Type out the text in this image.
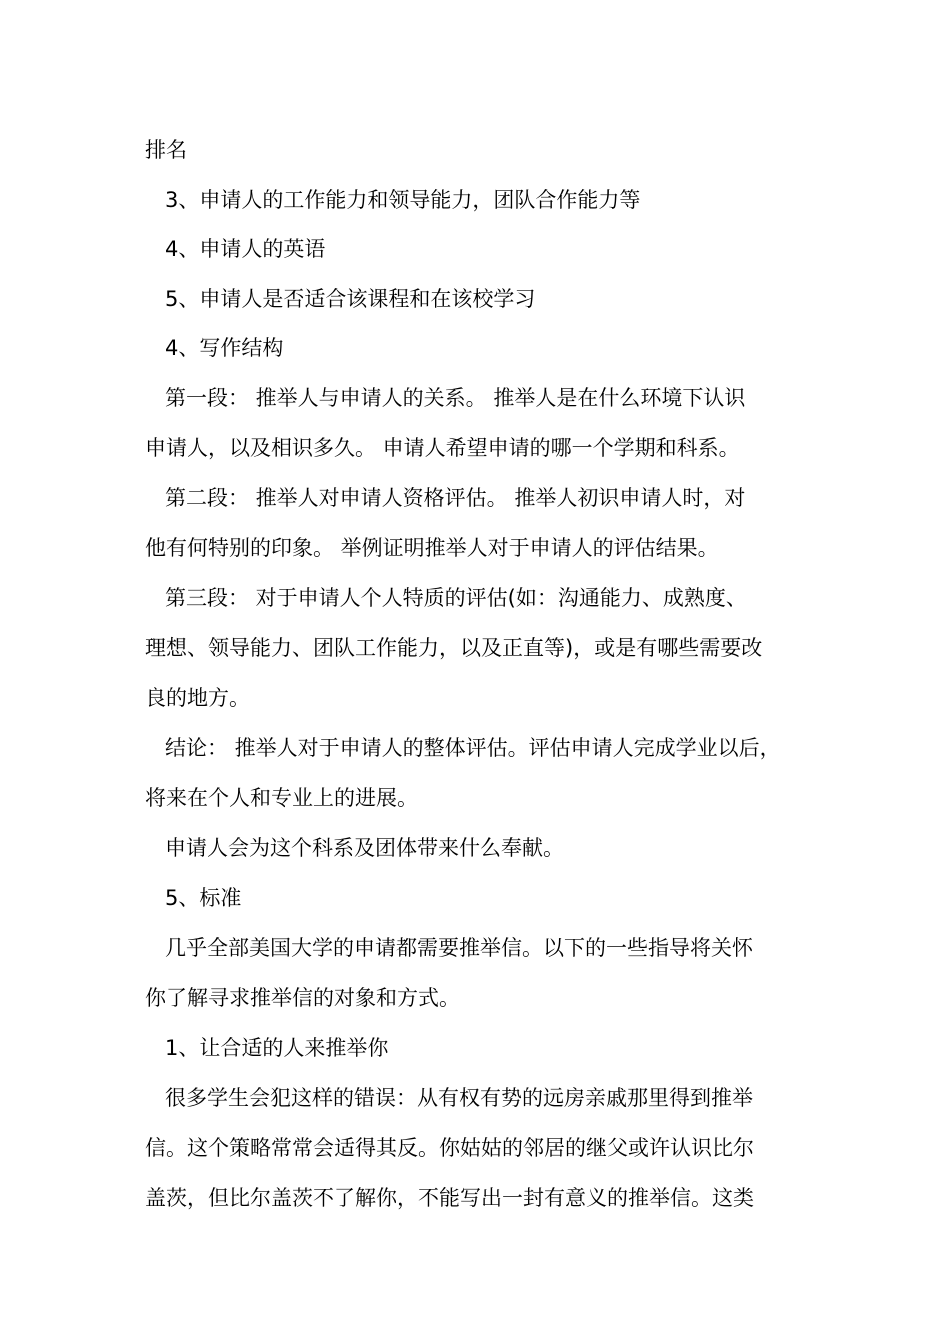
排名
3、申请人的工作能力和领导能力，团队合作能力等
4、申请人的英语
5、申请人是否适合该课程和在该校学习
4、写作结构
第一段： 推举人与申请人的关系。 推举人是在什么环境下认识
申请人，以及相识多久。 申请人希望申请的哪一个学期和科系。
第二段： 推举人对申请人资格评估。 推举人初识申请人时，对
他有何特别的印象。 举例证明推举人对于申请人的评估结果。
第三段： 对于申请人个人特质的评估(如：沟通能力、成熟度、
理想、领导能力、团队工作能力，以及正直等)，或是有哪些需要改
良的地方。
结论： 推举人对于申请人的整体评估。评估申请人完成学业以后，
将来在个人和专业上的进展。
申请人会为这个科系及团体带来什么奉献。
5、标准
几乎全部美国大学的申请都需要推举信。以下的一些指导将关怀
你了解寻求推举信的对象和方式。
1、让合适的人来推举你
很多学生会犯这样的错误：从有权有势的远房亲戚那里得到推举
信。这个策略常常会适得其反。你姑姑的邻居的继父或许认识比尔
盖茨，但比尔盖茨不了解你，不能写出一封有意义的推举信。这类
